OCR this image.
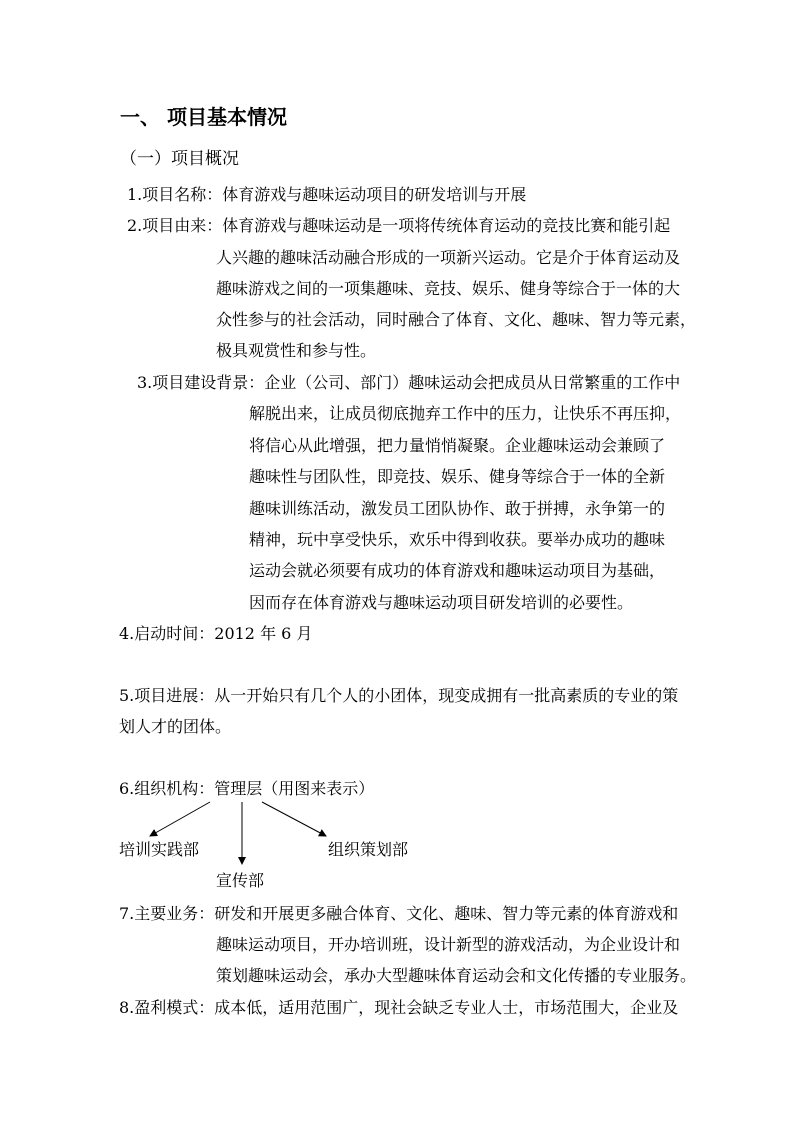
一、 项目基本情况
（一）项目概况
1.项目名称：体育游戏与趣味运动项目的研发培训与开展
2.项目由来：体育游戏与趣味运动是一项将传统体育运动的竞技比赛和能引起
人兴趣的趣味活动融合形成的一项新兴运动。它是介于体育运动及
趣味游戏之间的一项集趣味、竞技、娱乐、健身等综合于一体的大
众性参与的社会活动，同时融合了体育、文化、趣味、智力等元素，
极具观赏性和参与性。
3.项目建设背景：企业（公司、部门）趣味运动会把成员从日常繁重的工作中
解脱出来，让成员彻底抛弃工作中的压力，让快乐不再压抑，
将信心从此增强，把力量悄悄凝聚。企业趣味运动会兼顾了
趣味性与团队性，即竞技、娱乐、健身等综合于一体的全新
趣味训练活动，激发员工团队协作、敢于拼搏，永争第一的
精神，玩中享受快乐，欢乐中得到收获。要举办成功的趣味
运动会就必须要有成功的体育游戏和趣味运动项目为基础，
因而存在体育游戏与趣味运动项目研发培训的必要性。
4.启动时间：2012 年 6 月
5.项目进展：从一开始只有几个人的小团体，现变成拥有一批高素质的专业的策
划人才的团体。
6.组织机构：管理层（用图来表示）
培训实践部
宣传部
组织策划部
7.主要业务：研发和开展更多融合体育、文化、趣味、智力等元素的体育游戏和
趣味运动项目，开办培训班，设计新型的游戏活动，为企业设计和
策划趣味运动会，承办大型趣味体育运动会和文化传播的专业服务。
8.盈利模式：成本低，适用范围广，现社会缺乏专业人士，市场范围大，企业及
